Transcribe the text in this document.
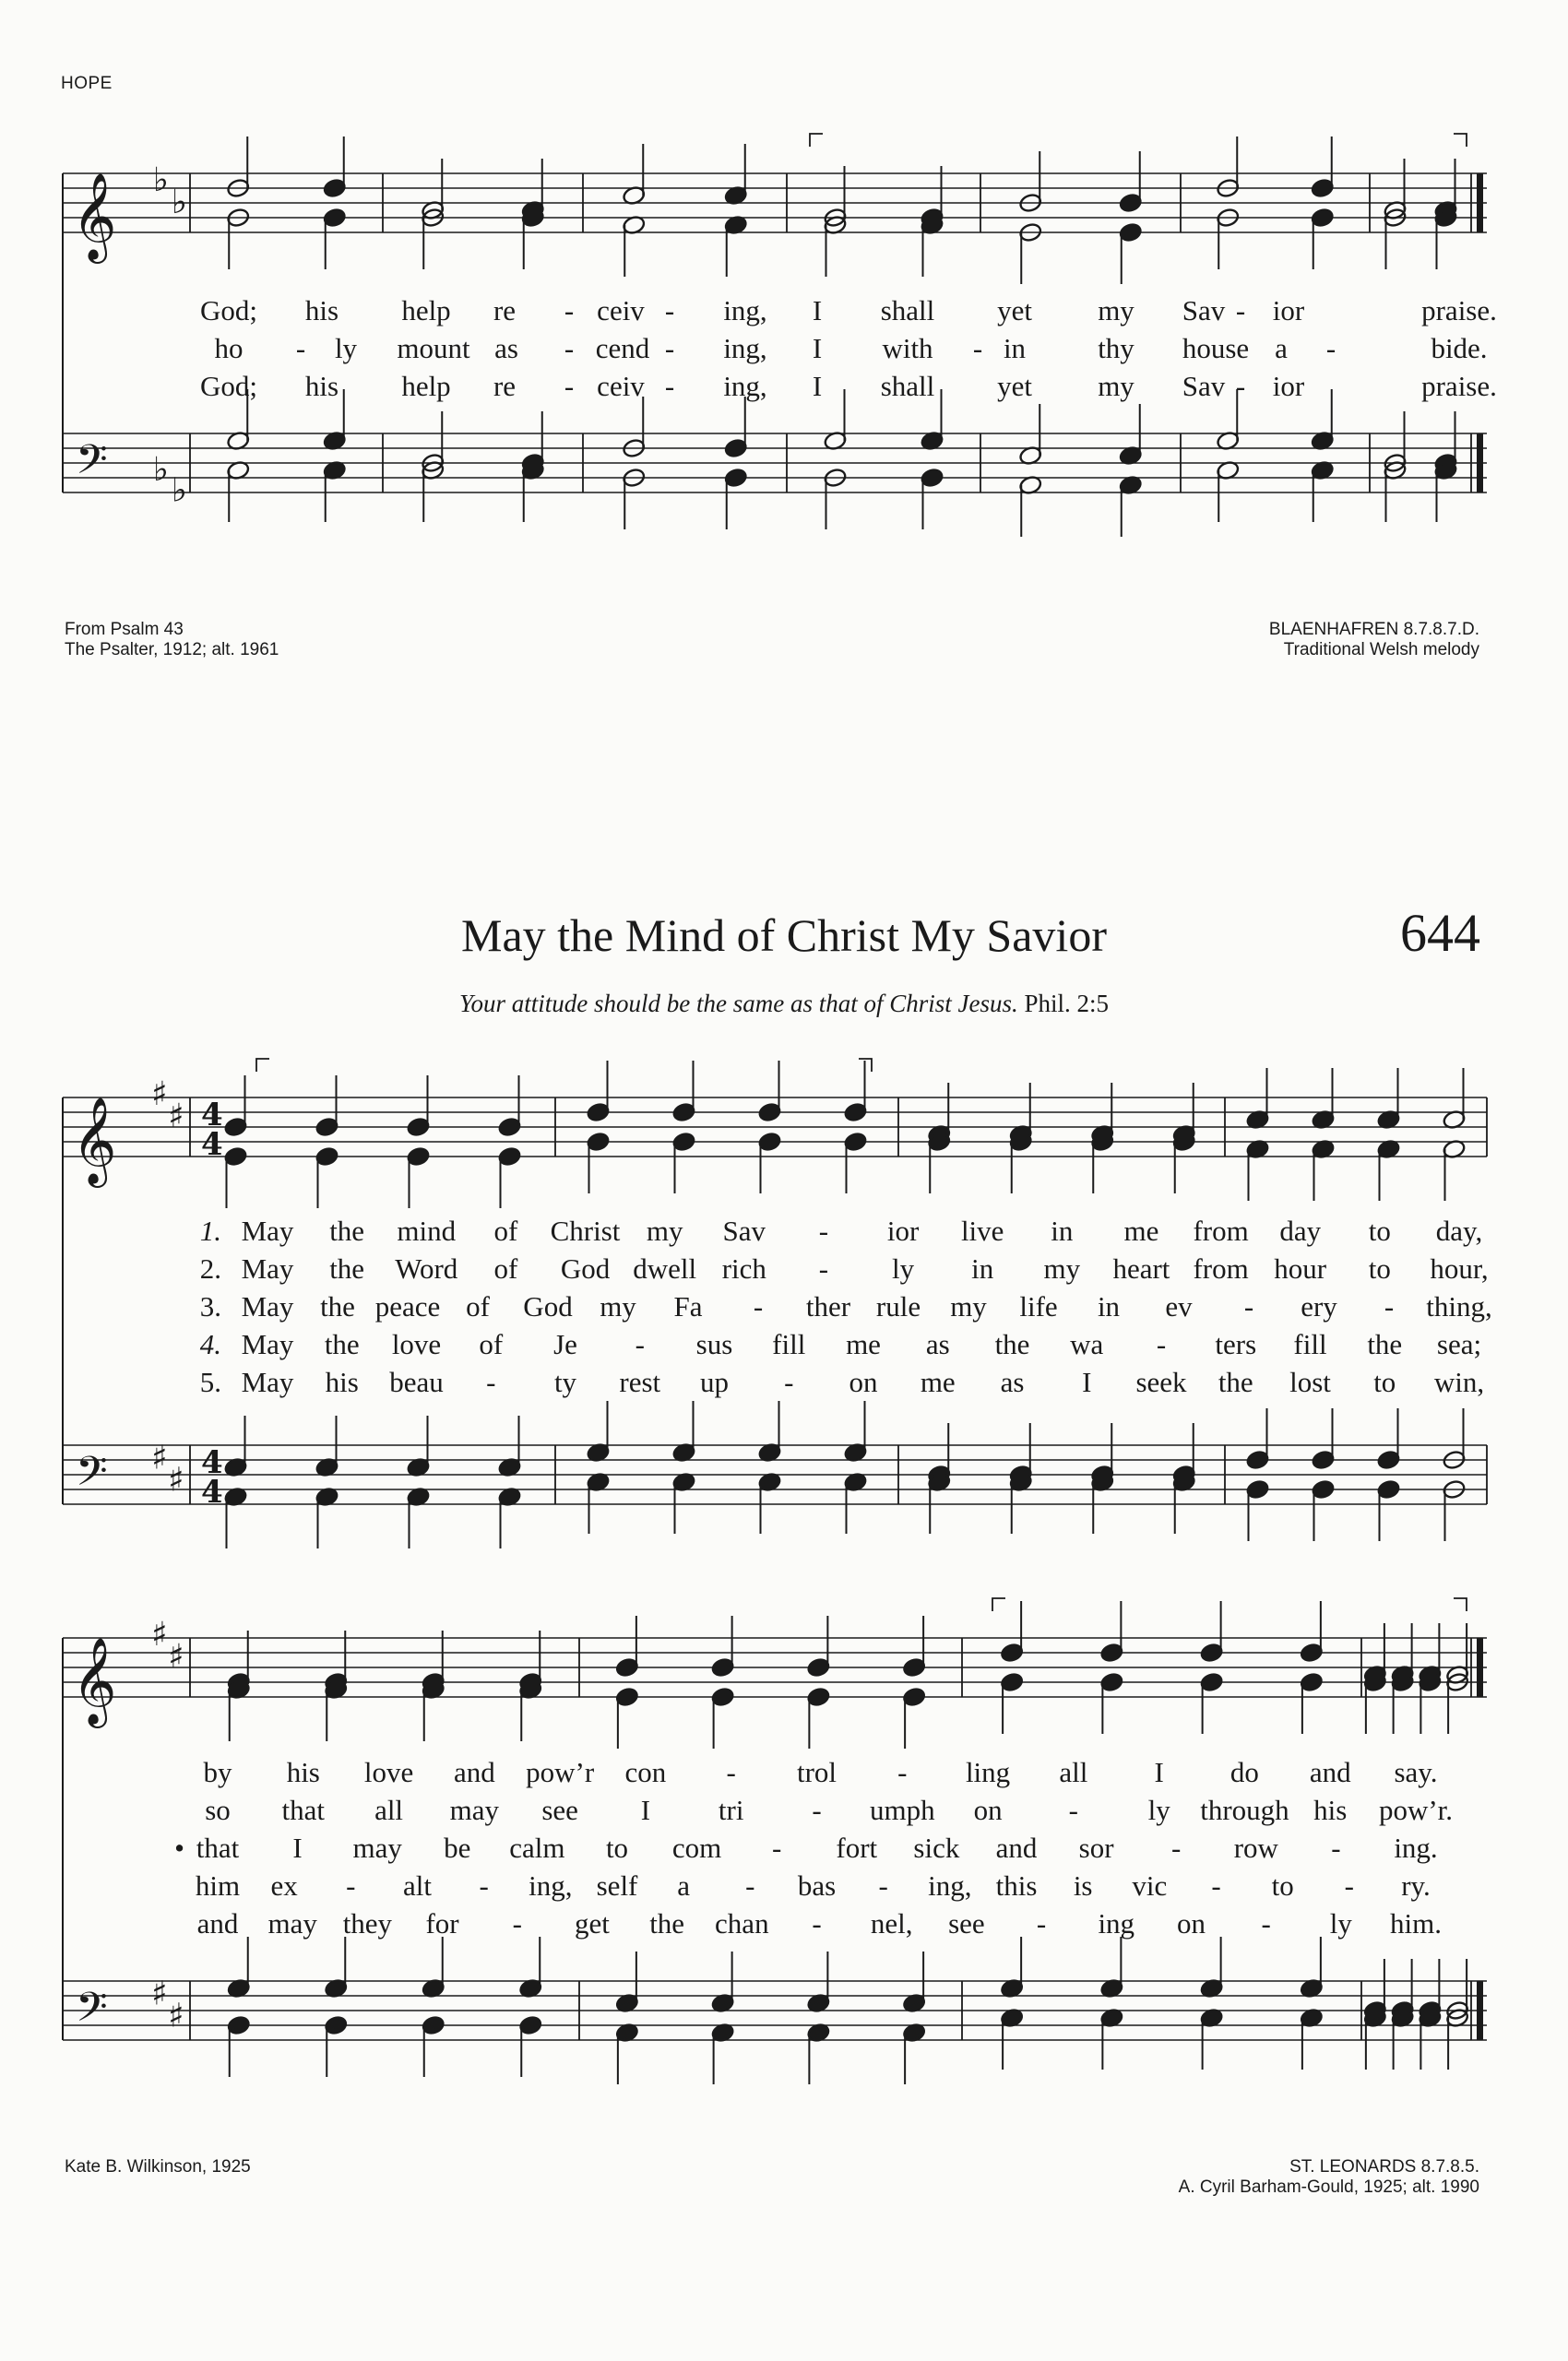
HOPE
𝄞
𝄢
♭
♭
♭
♭
𝄞
𝄢
♯
♯
♯
♯
4
4
4
4
𝄞
𝄢
♯
♯
♯
♯
God; his help re - ceiv - ing, I shall yet my Sav - ior	praise.
ho - ly mount as - cend - ing, I with - in	thy house a -	bide.
God; his help re - ceiv - ing, I shall yet my Sav - ior	praise.
From Psalm 43
The Psalter, 1912; alt. 1961
BLAENHAFREN 8.7.8.7.D.
Traditional Welsh melody
May the Mind of Christ My Savior	644
Your attitude should be the same as that of Christ Jesus. Phil. 2:5
1. May the mind of Christ my Sav - ior live in me from day to day,
2. May the Word of God dwell rich - ly in my heart from hour to hour,
3. May the peace of God my Fa - ther rule my life in ev - ery - thing,
4. May the love of Je - sus fill me as the wa - ters fill the sea;
5. May his beau - ty rest up - on me as I seek the lost to win,
by his love and pow’r con - trol - ling all I do and say.
so that all may see I tri - umph on - ly through his pow’r.
• that I may be calm to com - fort sick and sor - row - ing.
him ex - alt - ing, self a - bas - ing, this is vic - to - ry.
and may they for - get the chan - nel, see - ing on - ly him.
Kate B. Wilkinson, 1925	ST. LEONARDS 8.7.8.5.
A. Cyril Barham-Gould, 1925; alt. 1990
